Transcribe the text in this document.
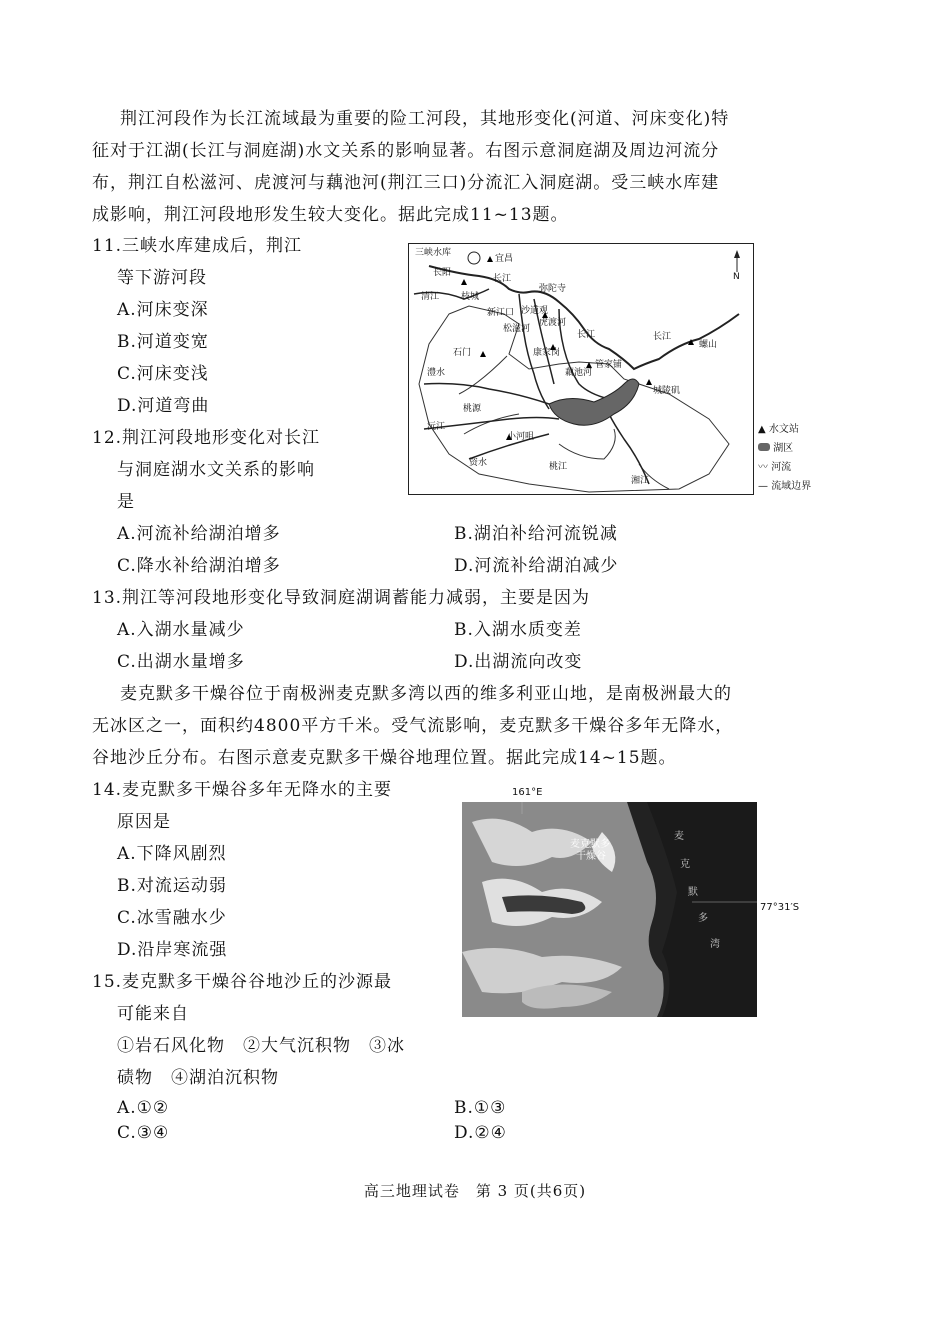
荆江河段作为长江流域最为重要的险工河段，其地形变化(河道、河床变化)特
征对于江湖(长江与洞庭湖)水文关系的影响显著。右图示意洞庭湖及周边河流分
布，荆江自松滋河、虎渡河与藕池河(荆江三口)分流汇入洞庭湖。受三峡水库建
成影响，荆江河段地形发生较大变化。据此完成11~13题。
11.三峡水库建成后，荆江
等下游河段
A.河床变深
B.河道变宽
C.河床变浅
D.河道弯曲
12.荆江河段地形变化对长江
与洞庭湖水文关系的影响
是
A.河流补给湖泊增多	B.湖泊补给河流锐减
C.降水补给湖泊增多	D.河流补给湖泊减少
13.荆江等河段地形变化导致洞庭湖调蓄能力减弱，主要是因为
A.入湖水量减少	B.入湖水质变差
C.出湖水量增多	D.出湖流向改变
麦克默多干燥谷位于南极洲麦克默多湾以西的维多利亚山地，是南极洲最大的
无冰区之一，面积约4800平方千米。受气流影响，麦克默多干燥谷多年无降水，
谷地沙丘分布。右图示意麦克默多干燥谷地理位置。据此完成14~15题。
14.麦克默多干燥谷多年无降水的主要
原因是
A.下降风剧烈
B.对流运动弱
C.冰雪融水少
D.沿岸寒流强
15.麦克默多干燥谷谷地沙丘的沙源最
可能来自
①岩石风化物　②大气沉积物　③冰
碛物　④湖泊沉积物
A.①②	B.①③
C.③④	D.②④
三峡水库
宜昌
长阳
长江
清江 枝城
弥陀寺
新江口 沙道观
虎渡河
松滋河
长江	长江
螺山
石门	康家岗
管家铺
藕池河
澧水
城陵矶
桃源
沅江
小河咀
资水	桃江
湘江
N
▲ 水文站
湖区
〰 河流
— 流域边界
161°E
麦克默多
干燥谷
麦
克
默
多
湾
77°31′S
高三地理试卷　第 3 页(共6页)
